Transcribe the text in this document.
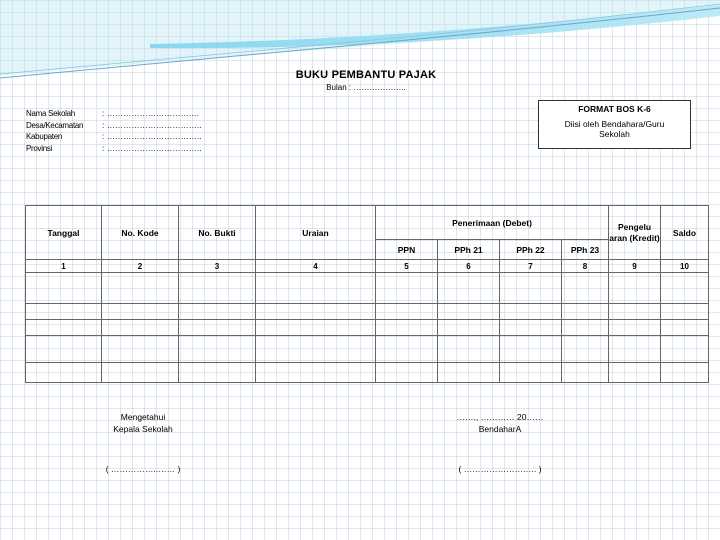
BUKU PEMBANTU PAJAK
Bulan : ………………..
Nama Sekolah	: ………………………….…
Desa/Kecamatan	: ……………………………..
Kabupaten	: ……………………………..
Provinsi	: ……………………………..
FORMAT BOS K-6
Diisi oleh Bendahara/Guru Sekolah
Tanggal	No. Kode	No. Bukti	Uraian	Penerimaan (Debet)				Pengelu aran (Kredit)	Saldo
				PPN	PPh 21	PPh 22	PPh 23		
1	2	3	4	5	6	7	8	9	10

Mengetahui
Kepala Sekolah
( ……………..…… )
……., ………… 20……
BendaharA
( ………………….…. )
